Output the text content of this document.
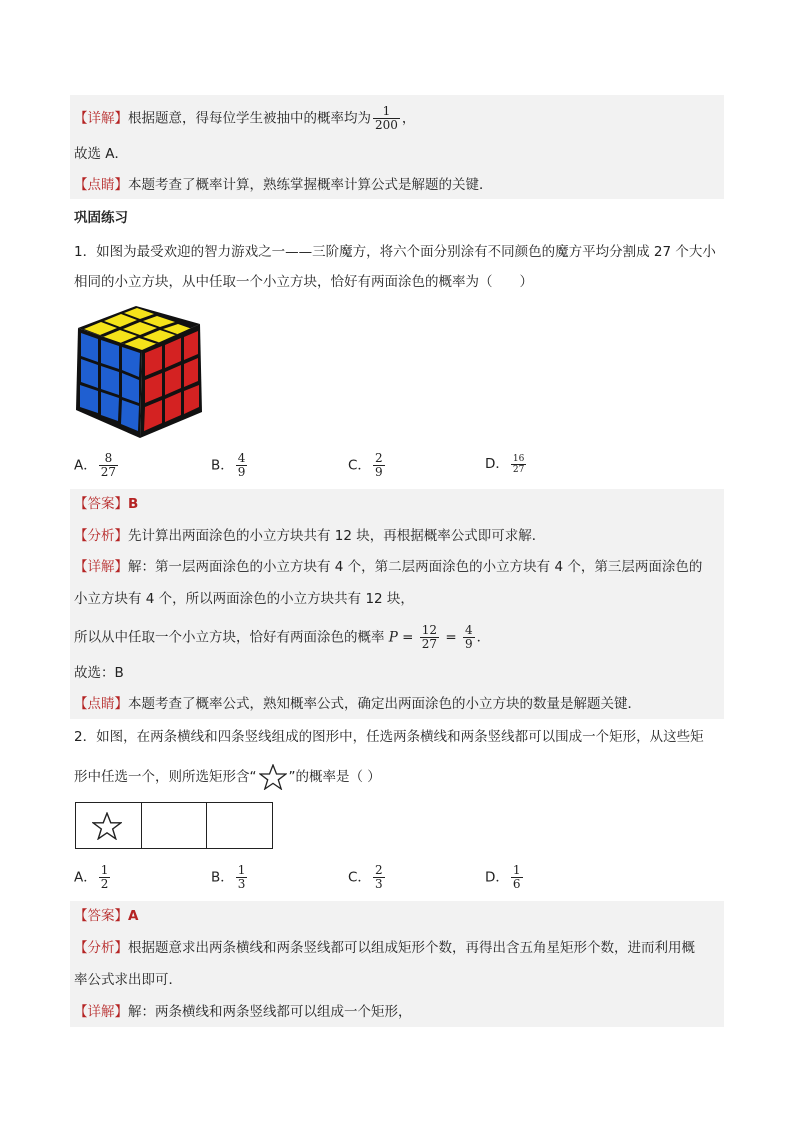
【详解】根据题意，得每位学生被抽中的概率均为 $\frac{1}{200}$ ，
故选 A．
【点睛】本题考查了概率计算，熟练掌握概率计算公式是解题的关键．
巩固练习
1．如图为最受欢迎的智力游戏之一——三阶魔方，将六个面分别涂有不同颜色的魔方平均分割成 27 个大小
相同的小立方块，从中任取一个小立方块，恰好有两面涂色的概率为（　　）
A． $\frac{8}{27}$	B． $\frac{4}{9}$	C． $\frac{2}{9}$	D． $\frac{16}{27}$
【答案】B
【分析】先计算出两面涂色的小立方块共有 12 块，再根据概率公式即可求解．
【详解】解：第一层两面涂色的小立方块有 4 个，第二层两面涂色的小立方块有 4 个，第三层两面涂色的
小立方块有 4 个，所以两面涂色的小立方块共有 12 块，
所以从中任取一个小立方块，恰好有两面涂色的概率 $P = \frac{12}{27} = \frac{4}{9}$ ．
故选：B
【点睛】本题考查了概率公式，熟知概率公式，确定出两面涂色的小立方块的数量是解题关键．
2．如图，在两条横线和四条竖线组成的图形中，任选两条横线和两条竖线都可以围成一个矩形，从这些矩
形中任选一个，则所选矩形含“ ”的概率是（ ）
A． $\frac{1}{2}$	B． $\frac{1}{3}$	C． $\frac{2}{3}$	D． $\frac{1}{6}$
【答案】A
【分析】根据题意求出两条横线和两条竖线都可以组成矩形个数，再得出含五角星矩形个数，进而利用概
率公式求出即可．
【详解】解：两条横线和两条竖线都可以组成一个矩形，
